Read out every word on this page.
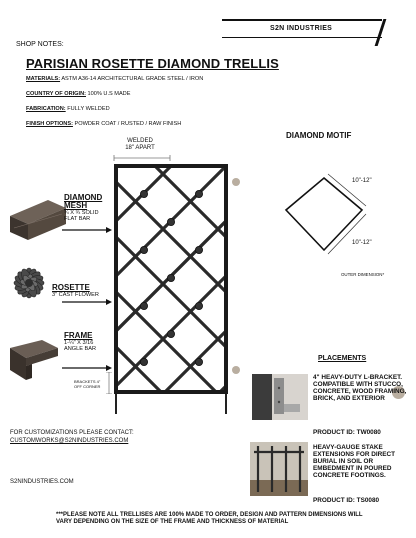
S2N INDUSTRIES
SHOP NOTES:
PARISIAN ROSETTE DIAMOND TRELLIS
MATERIALS: ASTM A36-14 ARCHITECTURAL GRADE STEEL / IRON
COUNTRY OF ORIGIN: 100% U.S MADE
FABRICATION: FULLY WELDED
FINISH OPTIONS: POWDER COAT / RUSTED / RAW FINISH
WELDED
18" APART
BRACKETS 4" OFF CORNER
DIAMOND
MESH
¾ X ¾ SOLID
FLAT BAR
ROSETTE
3" CAST FLOWER
FRAME
1-¼" X 3/16
ANGLE BAR
DIAMOND MOTIF
10"-12"
10"-12"
OUTER DIMENSION*
PLACEMENTS
4" HEAVY-DUTY L-BRACKET. COMPATIBLE WITH STUCCO, CONCRETE, WOOD FRAMING, BRICK, AND EXTERIOR
PRODUCT ID: TW0080
HEAVY-GAUGE STAKE EXTENSIONS FOR DIRECT BURIAL IN SOIL OR EMBEDMENT IN POURED CONCRETE FOOTINGS.
PRODUCT ID: TS0080
FOR CUSTOMIZATIONS PLEASE CONTACT:
CUSTOMWORKS@S2NINDUSTRIES.COM
S2NINDUSTRIES.COM
***PLEASE NOTE ALL TRELLISES ARE 100% MADE TO ORDER, DESIGN AND PATTERN DIMENSIONS WILL VARY DEPENDING ON THE SIZE OF THE FRAME AND THICKNESS OF MATERIAL
